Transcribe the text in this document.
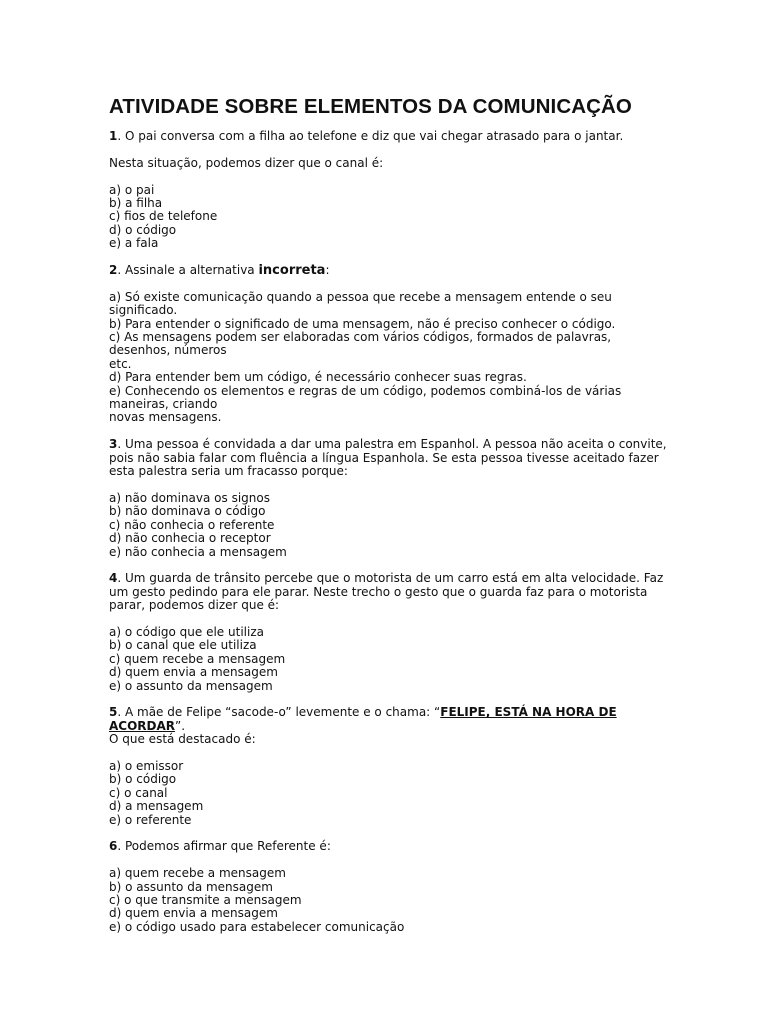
ATIVIDADE SOBRE ELEMENTOS DA COMUNICAÇÃO

1. O pai conversa com a filha ao telefone e diz que vai chegar atrasado para o jantar.

Nesta situação, podemos dizer que o canal é:

a) o pai
b) a filha
c) fios de telefone
d) o código
e) a fala

2. Assinale a alternativa incorreta:

a) Só existe comunicação quando a pessoa que recebe a mensagem entende o seu
significado.
b) Para entender o significado de uma mensagem, não é preciso conhecer o código.
c) As mensagens podem ser elaboradas com vários códigos, formados de palavras,
desenhos, números
etc.
d) Para entender bem um código, é necessário conhecer suas regras.
e) Conhecendo os elementos e regras de um código, podemos combiná-los de várias
maneiras, criando
novas mensagens.

3. Uma pessoa é convidada a dar uma palestra em Espanhol. A pessoa não aceita o convite,
pois não sabia falar com fluência a língua Espanhola. Se esta pessoa tivesse aceitado fazer
esta palestra seria um fracasso porque:

a) não dominava os signos
b) não dominava o código
c) não conhecia o referente
d) não conhecia o receptor
e) não conhecia a mensagem

4. Um guarda de trânsito percebe que o motorista de um carro está em alta velocidade. Faz
um gesto pedindo para ele parar. Neste trecho o gesto que o guarda faz para o motorista
parar, podemos dizer que é:

a) o código que ele utiliza
b) o canal que ele utiliza
c) quem recebe a mensagem
d) quem envia a mensagem
e) o assunto da mensagem

5. A mãe de Felipe “sacode-o” levemente e o chama: “FELIPE, ESTÁ NA HORA DE
ACORDAR”.

O que está destacado é:

a) o emissor
b) o código
c) o canal
d) a mensagem
e) o referente

6. Podemos afirmar que Referente é:

a) quem recebe a mensagem
b) o assunto da mensagem
c) o que transmite a mensagem
d) quem envia a mensagem
e) o código usado para estabelecer comunicação
